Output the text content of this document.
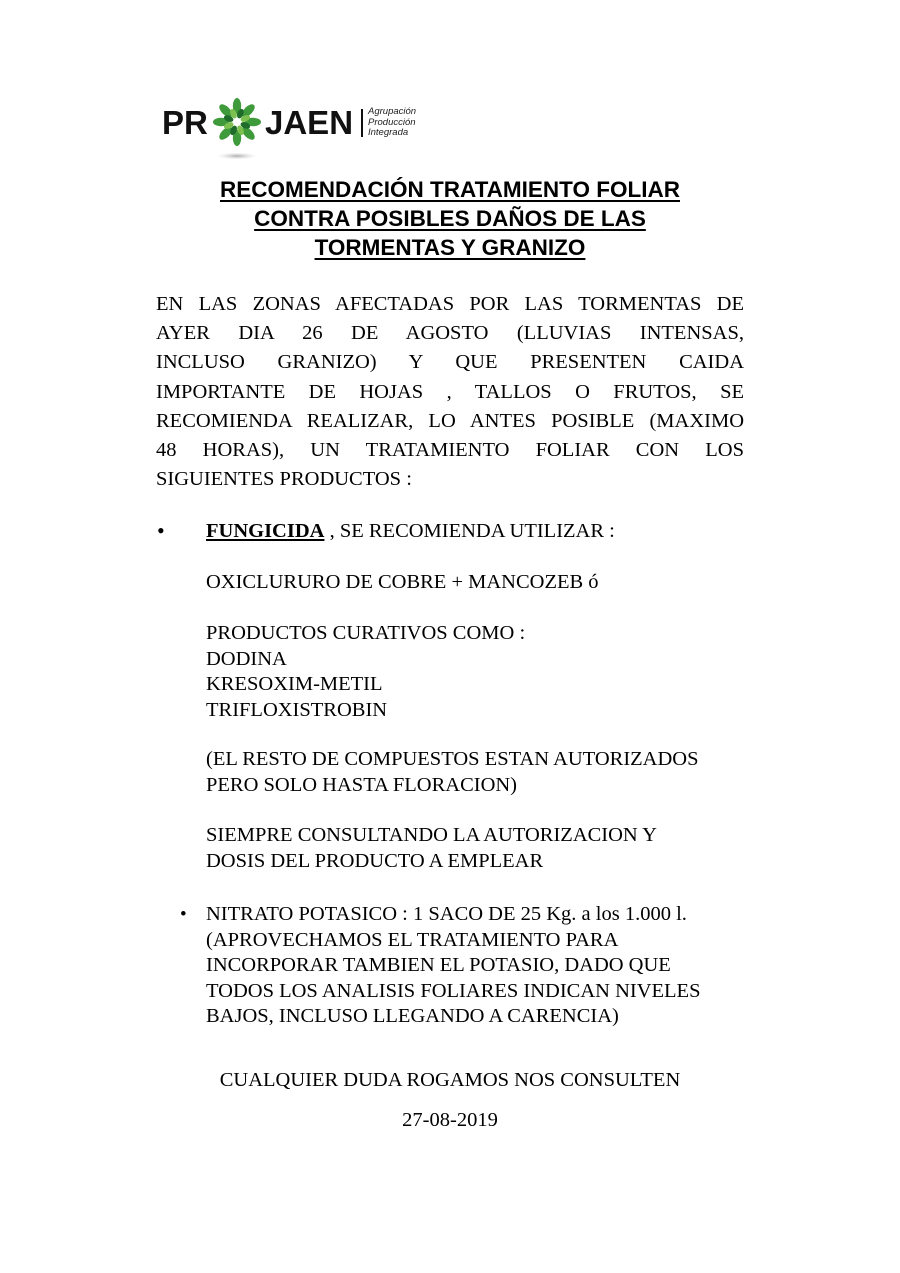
PR JAEN Agrupación
Producción
Integrada
RECOMENDACIÓN TRATAMIENTO FOLIAR
CONTRA POSIBLES DAÑOS DE LAS
TORMENTAS Y GRANIZO
EN LAS ZONAS AFECTADAS POR LAS TORMENTAS DE
AYER DIA 26 DE AGOSTO (LLUVIAS INTENSAS,
INCLUSO GRANIZO) Y QUE PRESENTEN CAIDA
IMPORTANTE DE HOJAS , TALLOS O FRUTOS, SE
RECOMIENDA REALIZAR, LO ANTES POSIBLE (MAXIMO
48 HORAS), UN TRATAMIENTO FOLIAR CON LOS
SIGUIENTES PRODUCTOS :
• FUNGICIDA , SE RECOMIENDA UTILIZAR :
OXICLURURO DE COBRE + MANCOZEB ó
PRODUCTOS CURATIVOS COMO :
DODINA
KRESOXIM-METIL
TRIFLOXISTROBIN
(EL RESTO DE COMPUESTOS ESTAN AUTORIZADOS
PERO SOLO HASTA FLORACION)
SIEMPRE CONSULTANDO LA AUTORIZACION Y
DOSIS DEL PRODUCTO A EMPLEAR
• NITRATO POTASICO : 1 SACO DE 25 Kg. a los 1.000 l.
(APROVECHAMOS EL TRATAMIENTO PARA
INCORPORAR TAMBIEN EL POTASIO, DADO QUE
TODOS LOS ANALISIS FOLIARES INDICAN NIVELES
BAJOS, INCLUSO LLEGANDO A CARENCIA)
CUALQUIER DUDA ROGAMOS NOS CONSULTEN
27-08-2019
